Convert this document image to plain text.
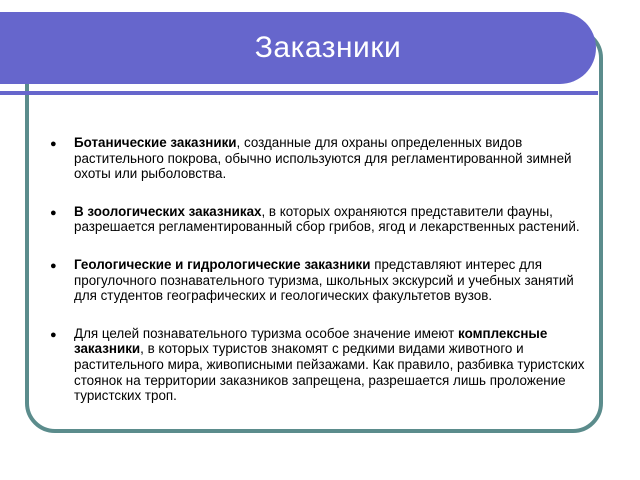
Заказники

● Ботанические заказники, созданные для охраны определенных видов растительного покрова, обычно используются для регламентированной зимней охоты или рыболовства.

● В зоологических заказниках, в которых охраняются представители фауны, разрешается регламентированный сбор грибов, ягод и лекарственных растений.

● Геологические и гидрологические заказники представляют интерес для прогулочного познавательного туризма, школьных экскурсий и учебных занятий для студентов географических и геологических факультетов вузов.

● Для целей познавательного туризма особое значение имеют комплексные заказники, в которых туристов знакомят с редкими видами животного и растительного мира, живописными пейзажами. Как правило, разбивка туристских стоянок на территории заказников запрещена, разрешается лишь проложение туристских троп.
